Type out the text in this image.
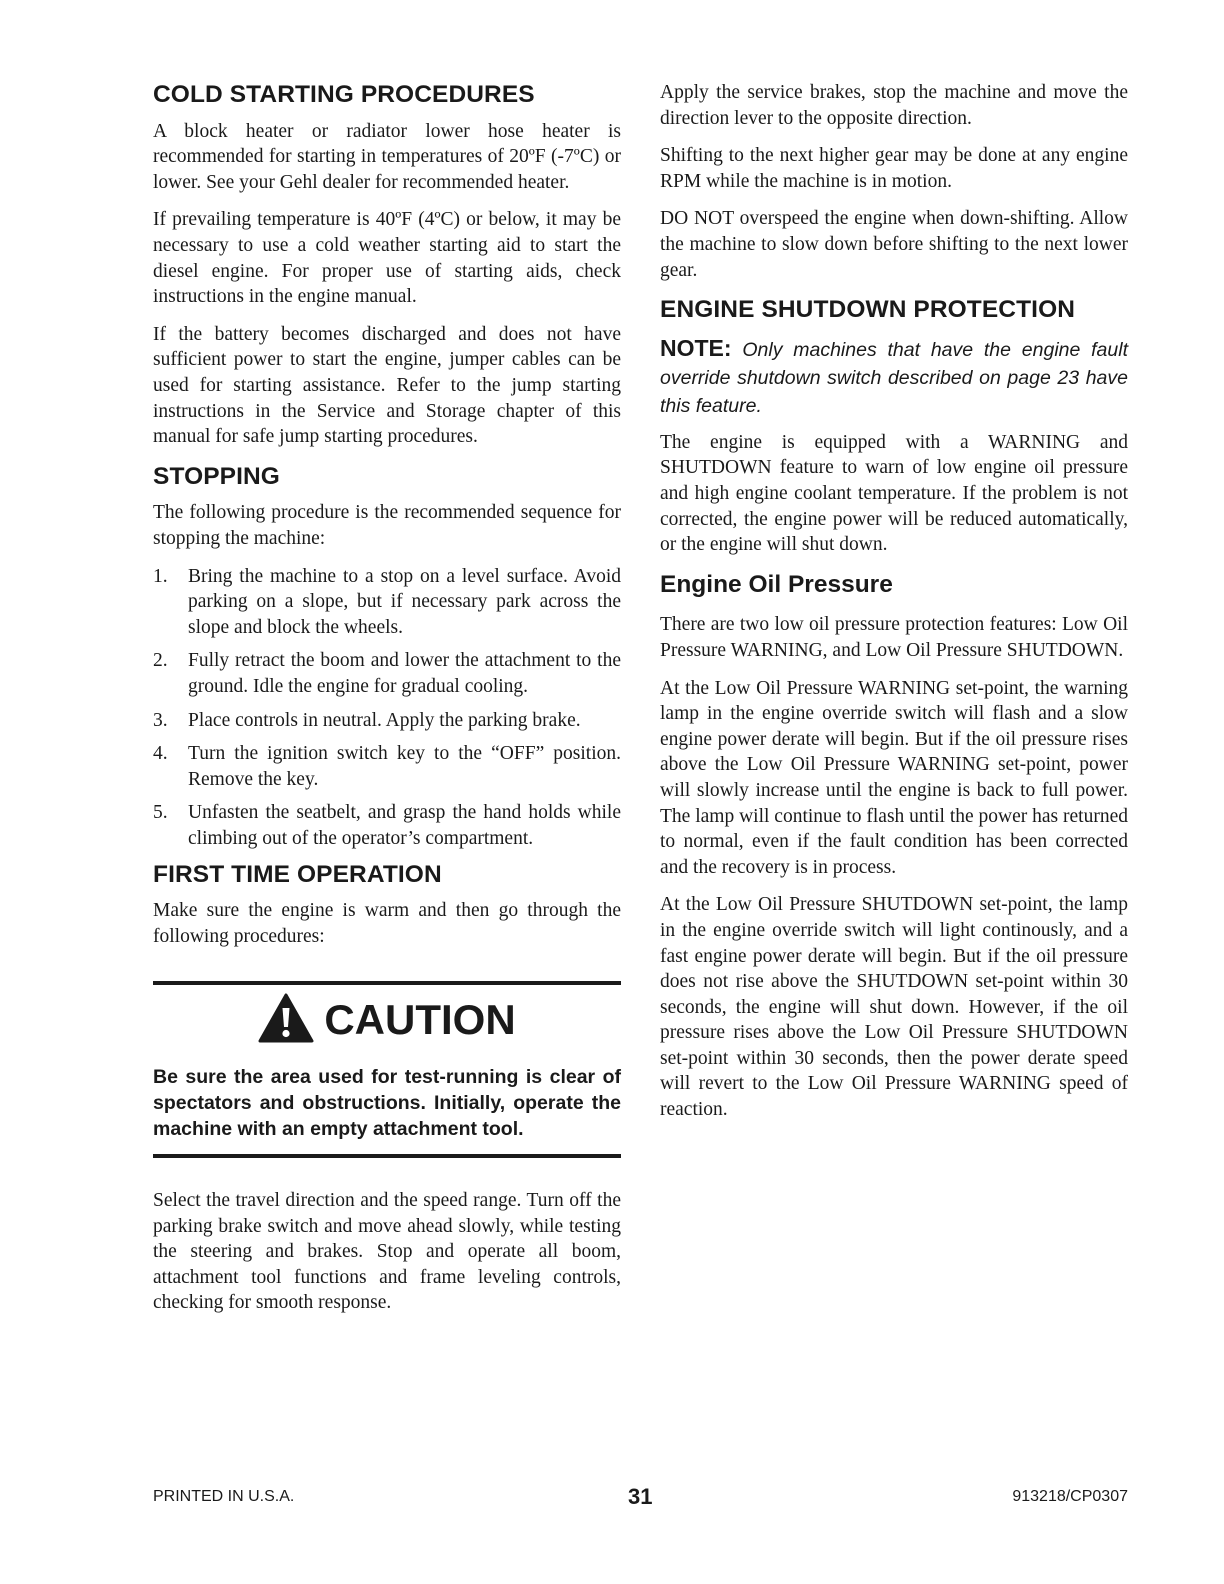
COLD STARTING PROCEDURES

A block heater or radiator lower hose heater is recommended for starting in temperatures of 20ºF (-7ºC) or lower. See your Gehl dealer for recommended heater.

If prevailing temperature is 40ºF (4ºC) or below, it may be necessary to use a cold weather starting aid to start the diesel engine. For proper use of starting aids, check instructions in the engine manual.

If the battery becomes discharged and does not have sufficient power to start the engine, jumper cables can be used for starting assistance. Refer to the jump starting instructions in the Service and Storage chapter of this manual for safe jump starting procedures.

STOPPING

The following procedure is the recommended sequence for stopping the machine:

1. Bring the machine to a stop on a level surface. Avoid parking on a slope, but if necessary park across the slope and block the wheels.
2. Fully retract the boom and lower the attachment to the ground. Idle the engine for gradual cooling.
3. Place controls in neutral. Apply the parking brake.
4. Turn the ignition switch key to the “OFF” position. Remove the key.
5. Unfasten the seatbelt, and grasp the hand holds while climbing out of the operator’s compartment.
FIRST TIME OPERATION

Make sure the engine is warm and then go through the following procedures:

CAUTION

Be sure the area used for test-running is clear of spectators and obstructions. Initially, operate the machine with an empty attachment tool.

Select the travel direction and the speed range. Turn off the parking brake switch and move ahead slowly, while testing the steering and brakes. Stop and operate all boom, attachment tool functions and frame leveling controls, checking for smooth response.

Apply the service brakes, stop the machine and move the direction lever to the opposite direction.

Shifting to the next higher gear may be done at any engine RPM while the machine is in motion.

DO NOT overspeed the engine when down-shifting. Allow the machine to slow down before shifting to the next lower gear.

ENGINE SHUTDOWN PROTECTION

NOTE: Only machines that have the engine fault override shutdown switch described on page 23 have this feature.

The engine is equipped with a WARNING and SHUTDOWN feature to warn of low engine oil pressure and high engine coolant temperature. If the problem is not corrected, the engine power will be reduced automatically, or the engine will shut down.

Engine Oil Pressure

There are two low oil pressure protection features: Low Oil Pressure WARNING, and Low Oil Pressure SHUTDOWN.

At the Low Oil Pressure WARNING set-point, the warning lamp in the engine override switch will flash and a slow engine power derate will begin. But if the oil pressure rises above the Low Oil Pressure WARNING set-point, power will slowly increase until the engine is back to full power. The lamp will continue to flash until the power has returned to normal, even if the fault condition has been corrected and the recovery is in process.

At the Low Oil Pressure SHUTDOWN set-point, the lamp in the engine override switch will light continously, and a fast engine power derate will begin. But if the oil pressure does not rise above the SHUTDOWN set-point within 30 seconds, the engine will shut down. However, if the oil pressure rises above the Low Oil Pressure SHUTDOWN set-point within 30 seconds, then the power derate speed will revert to the Low Oil Pressure WARNING speed of reaction.

PRINTED IN U.S.A.	31	913218/CP0307
